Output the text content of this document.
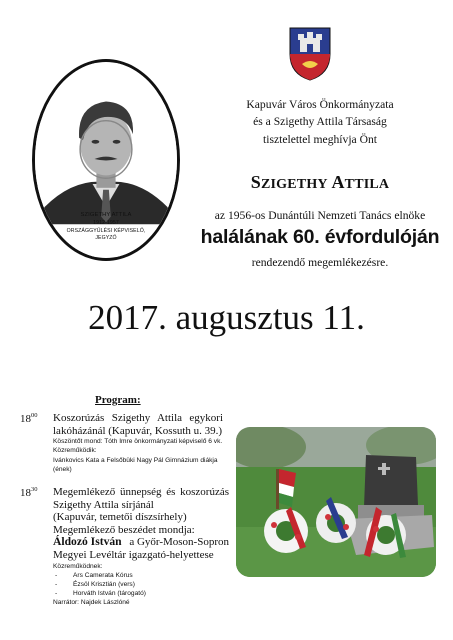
SZIGETHY ATTILA
1912-1957
ORSZÁGGYŰLÉSI KÉPVISELŐ,
JEGYZŐ
Kapuvár Város Önkormányzata
és a Szigethy Attila Társaság
tisztelettel meghívja Önt
SZIGETHY ATTILA
az 1956-os Dunántúli Nemzeti Tanács elnöke
halálának 60. évfordulóján
rendezendő megemlékezésre.
2017. augusztus 11.
Program:
$18^{00}$ Koszorúzás Szigethy Attila egykori
lakóházánál (Kapuvár, Kossuth u. 39.)
Köszöntőt mond: Tóth Imre önkormányzati képviselő 6 vk.
Közreműködik:
Ivánkovics Kata a Felsőbüki Nagy Pál Gimnázium diákja
(ének)
$18^{30}$ Megemlékező ünnepség és koszorúzás
Szigethy Attila sírjánál
(Kapuvár, temetői díszsírhely)
Megemlékező beszédet mondja:
Áldozó István a Győr-Moson-Sopron
Megyei Levéltár igazgató-helyettese
Közreműködnek:
- Ars Camerata Kórus
- Ézsöl Krisztián (vers)
- Horváth István (tárogató)
Narrátor: Najdek Lászlóné
